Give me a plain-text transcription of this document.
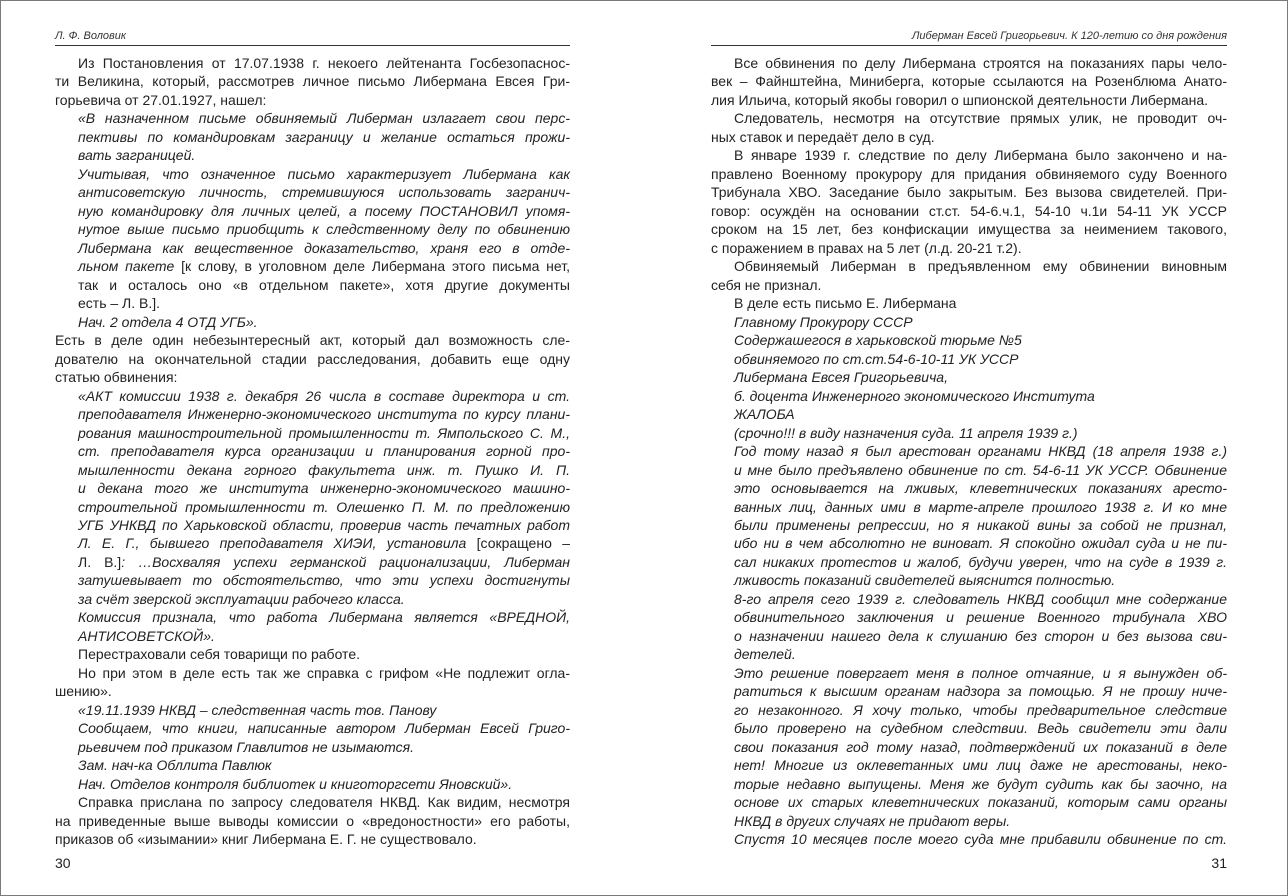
Л. Ф. Воловик
Из Постановления от 17.07.1938 г. некоего лейтенанта Госбезопаснос-
ти Великина, который, рассмотрев личное письмо Либермана Евсея Гри-
горьевича от 27.01.1927, нашел:
«В назначенном письме обвиняемый Либерман излагает свои перс-
пективы по командировкам заграницу и желание остаться прожи-
вать заграницей.
Учитывая, что означенное письмо характеризует Либермана как
антисоветскую личность, стремившуюся использовать загранич-
ную командировку для личных целей, а посему ПОСТАНОВИЛ упомя-
нутое выше письмо приобщить к следственному делу по обвинению
Либермана как вещественное доказательство, храня его в отде-
льном пакете [к слову, в уголовном деле Либермана этого письма нет,
так и осталось оно «в отдельном пакете», хотя другие документы
есть – Л. В.].
Нач. 2 отдела 4 ОТД УГБ».
Есть в деле один небезынтересный акт, который дал возможность сле-
дователю на окончательной стадии расследования, добавить еще одну
статью обвинения:
«АКТ комиссии 1938 г. декабря 26 числа в составе директора и ст.
преподавателя Инженерно-экономического института по курсу плани-
рования машностроительной промышленности т. Ямпольского С. М.,
ст. преподавателя курса организации и планирования горной про-
мышленности декана горного факультета инж. т. Пушко И. П.
и декана того же института инженерно-экономического машино-
строительной промышленности т. Олешенко П. М. по предложению
УГБ УНКВД по Харьковской области, проверив часть печатных работ
Л. Е. Г., бывшего преподавателя ХИЭИ, установила [сокращено –
Л. В.]: …Восхваляя успехи германской рационализации, Либерман
затушевывает то обстоятельство, что эти успехи достигнуты
за счёт зверской эксплуатации рабочего класса.
Комиссия признала, что работа Либермана является «ВРЕДНОЙ,
АНТИСОВЕТСКОЙ».
Перестраховали себя товарищи по работе.
Но при этом в деле есть так же справка с грифом «Не подлежит огла-
шению».
«19.11.1939 НКВД – следственная часть тов. Панову
Сообщаем, что книги, написанные автором Либерман Евсей Григо-
рьевичем под приказом Главлитов не изымаются.
Зам. нач-ка Обллита Павлюк
Нач. Отделов контроля библиотек и книготоргсети Яновский».
Справка прислана по запросу следователя НКВД. Как видим, несмотря
на приведенные выше выводы комиссии о «вредоностности» его работы,
приказов об «изымании» книг Либермана Е. Г. не существовало.
30
Либерман Евсей Григорьевич. К 120-летию со дня рождения
Все обвинения по делу Либермана строятся на показаниях пары чело-
век – Файнштейна, Миниберга, которые ссылаются на Розенблюма Анато-
лия Ильича, который якобы говорил о шпионской деятельности Либермана.
Следователь, несмотря на отсутствие прямых улик, не проводит оч-
ных ставок и передаёт дело в суд.
В январе 1939 г. следствие по делу Либермана было закончено и на-
правлено Военному прокурору для придания обвиняемого суду Военного
Трибунала ХВО. Заседание было закрытым. Без вызова свидетелей. При-
говор: осуждён на основании ст.ст. 54-6.ч.1, 54-10 ч.1и 54-11 УК УССР
сроком на 15 лет, без конфискации имущества за неимением такового,
с поражением в правах на 5 лет (л.д. 20-21 т.2).
Обвиняемый Либерман в предъявленном ему обвинении виновным
себя не признал.
В деле есть письмо Е. Либермана
Главному Прокурору СССР
Содержашегося в харьковской тюрьме №5
обвиняемого по ст.ст.54-6-10-11 УК УССР
Либермана Евсея Григорьевича,
б. доцента Инженерного экономического Института
ЖАЛОБА
(срочно!!! в виду назначения суда. 11 апреля 1939 г.)
Год тому назад я был арестован органами НКВД (18 апреля 1938 г.)
и мне было предъявлено обвинение по ст. 54-6-11 УК УССР. Обвинение
это основывается на лживых, клеветнических показаниях аресто-
ванных лиц, данных ими в марте-апреле прошлого 1938 г. И ко мне
были применены репрессии, но я никакой вины за собой не признал,
ибо ни в чем абсолютно не виноват. Я спокойно ожидал суда и не пи-
сал никаких протестов и жалоб, будучи уверен, что на суде в 1939 г.
лживость показаний свидетелей выяснится полностью.
8-го апреля сего 1939 г. следователь НКВД сообщил мне содержание
обвинительного заключения и решение Военного трибунала ХВО
о назначении нашего дела к слушанию без сторон и без вызова сви-
детелей.
Это решение повергает меня в полное отчаяние, и я вынужден об-
ратиться к высшим органам надзора за помощью. Я не прошу ниче-
го незаконного. Я хочу только, чтобы предварительное следствие
было проверено на судебном следствии. Ведь свидетели эти дали
свои показания год тому назад, подтверждений их показаний в деле
нет! Многие из оклеветанных ими лиц даже не арестованы, неко-
торые недавно выпущены. Меня же будут судить как бы заочно, на
основе их старых клеветнических показаний, которым сами органы
НКВД в других случаях не придают веры.
Спустя 10 месяцев после моего суда мне прибавили обвинение по ст.
31
